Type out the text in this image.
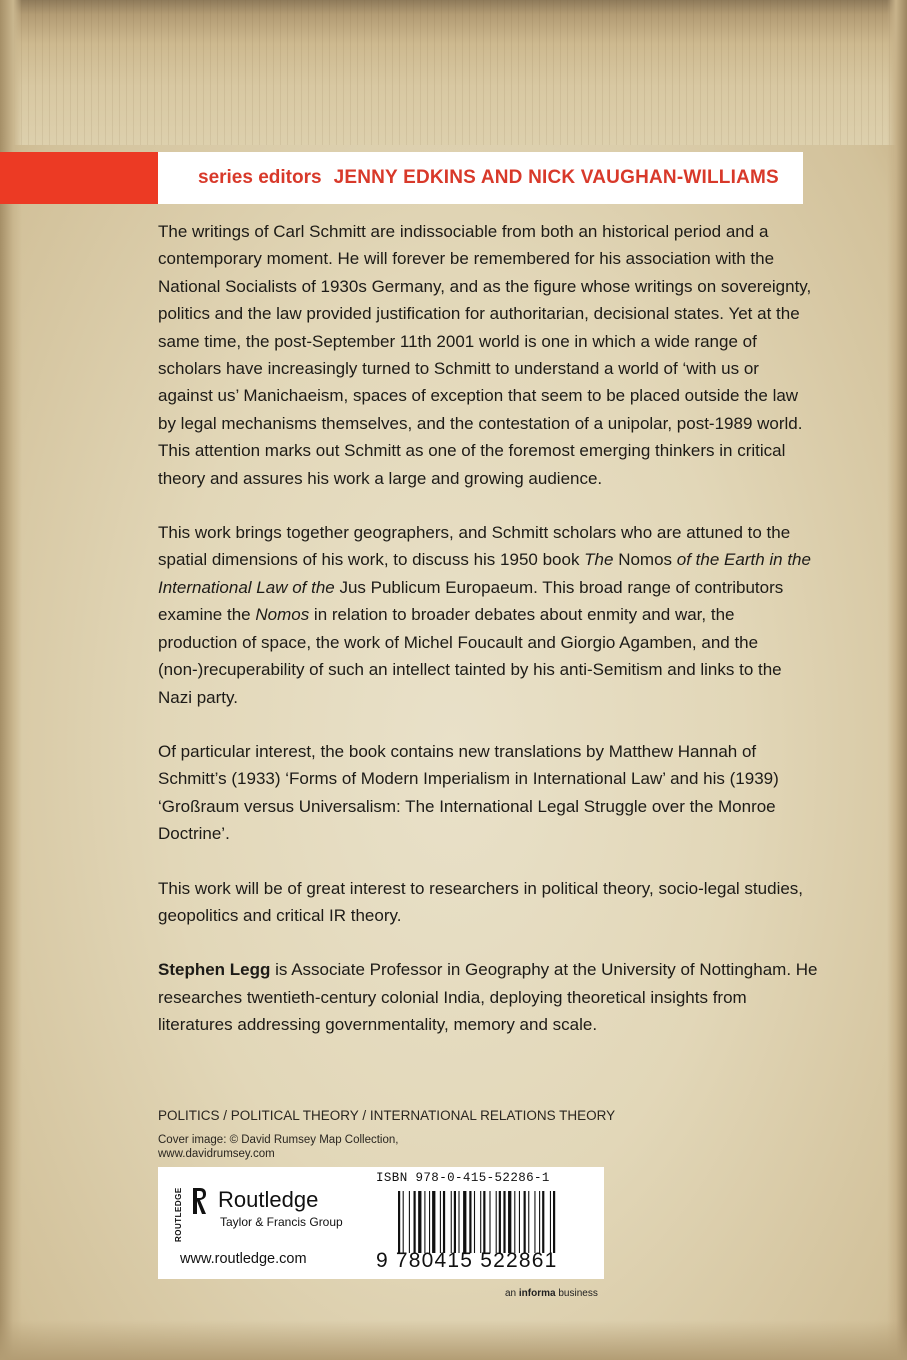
series editors JENNY EDKINS AND NICK VAUGHAN-WILLIAMS

The writings of Carl Schmitt are indissociable from both an historical period and a contemporary moment. He will forever be remembered for his association with the National Socialists of 1930s Germany, and as the figure whose writings on sovereignty, politics and the law provided justification for authoritarian, decisional states. Yet at the same time, the post-September 11th 2001 world is one in which a wide range of scholars have increasingly turned to Schmitt to understand a world of ‘with us or against us’ Manichaeism, spaces of exception that seem to be placed outside the law by legal mechanisms themselves, and the contestation of a unipolar, post-1989 world. This attention marks out Schmitt as one of the foremost emerging thinkers in critical theory and assures his work a large and growing audience.

This work brings together geographers, and Schmitt scholars who are attuned to the spatial dimensions of his work, to discuss his 1950 book The Nomos of the Earth in the International Law of the Jus Publicum Europaeum. This broad range of contributors examine the Nomos in relation to broader debates about enmity and war, the production of space, the work of Michel Foucault and Giorgio Agamben, and the (non-)recuperability of such an intellect tainted by his anti-Semitism and links to the Nazi party.

Of particular interest, the book contains new translations by Matthew Hannah of Schmitt’s (1933) ‘Forms of Modern Imperialism in International Law’ and his (1939) ‘Großraum versus Universalism: The International Legal Struggle over the Monroe Doctrine’.

This work will be of great interest to researchers in political theory, socio-legal studies, geopolitics and critical IR theory.

Stephen Legg is Associate Professor in Geography at the University of Nottingham. He researches twentieth-century colonial India, deploying theoretical insights from literatures addressing governmentality, memory and scale.

POLITICS / POLITICAL THEORY / INTERNATIONAL RELATIONS THEORY
Cover image: © David Rumsey Map Collection,
www.davidrumsey.com
ROUTLEDGE Routledge
Taylor & Francis Group
www.routledge.com
ISBN 978-0-415-52286-1
9 780415 522861
an informa business
